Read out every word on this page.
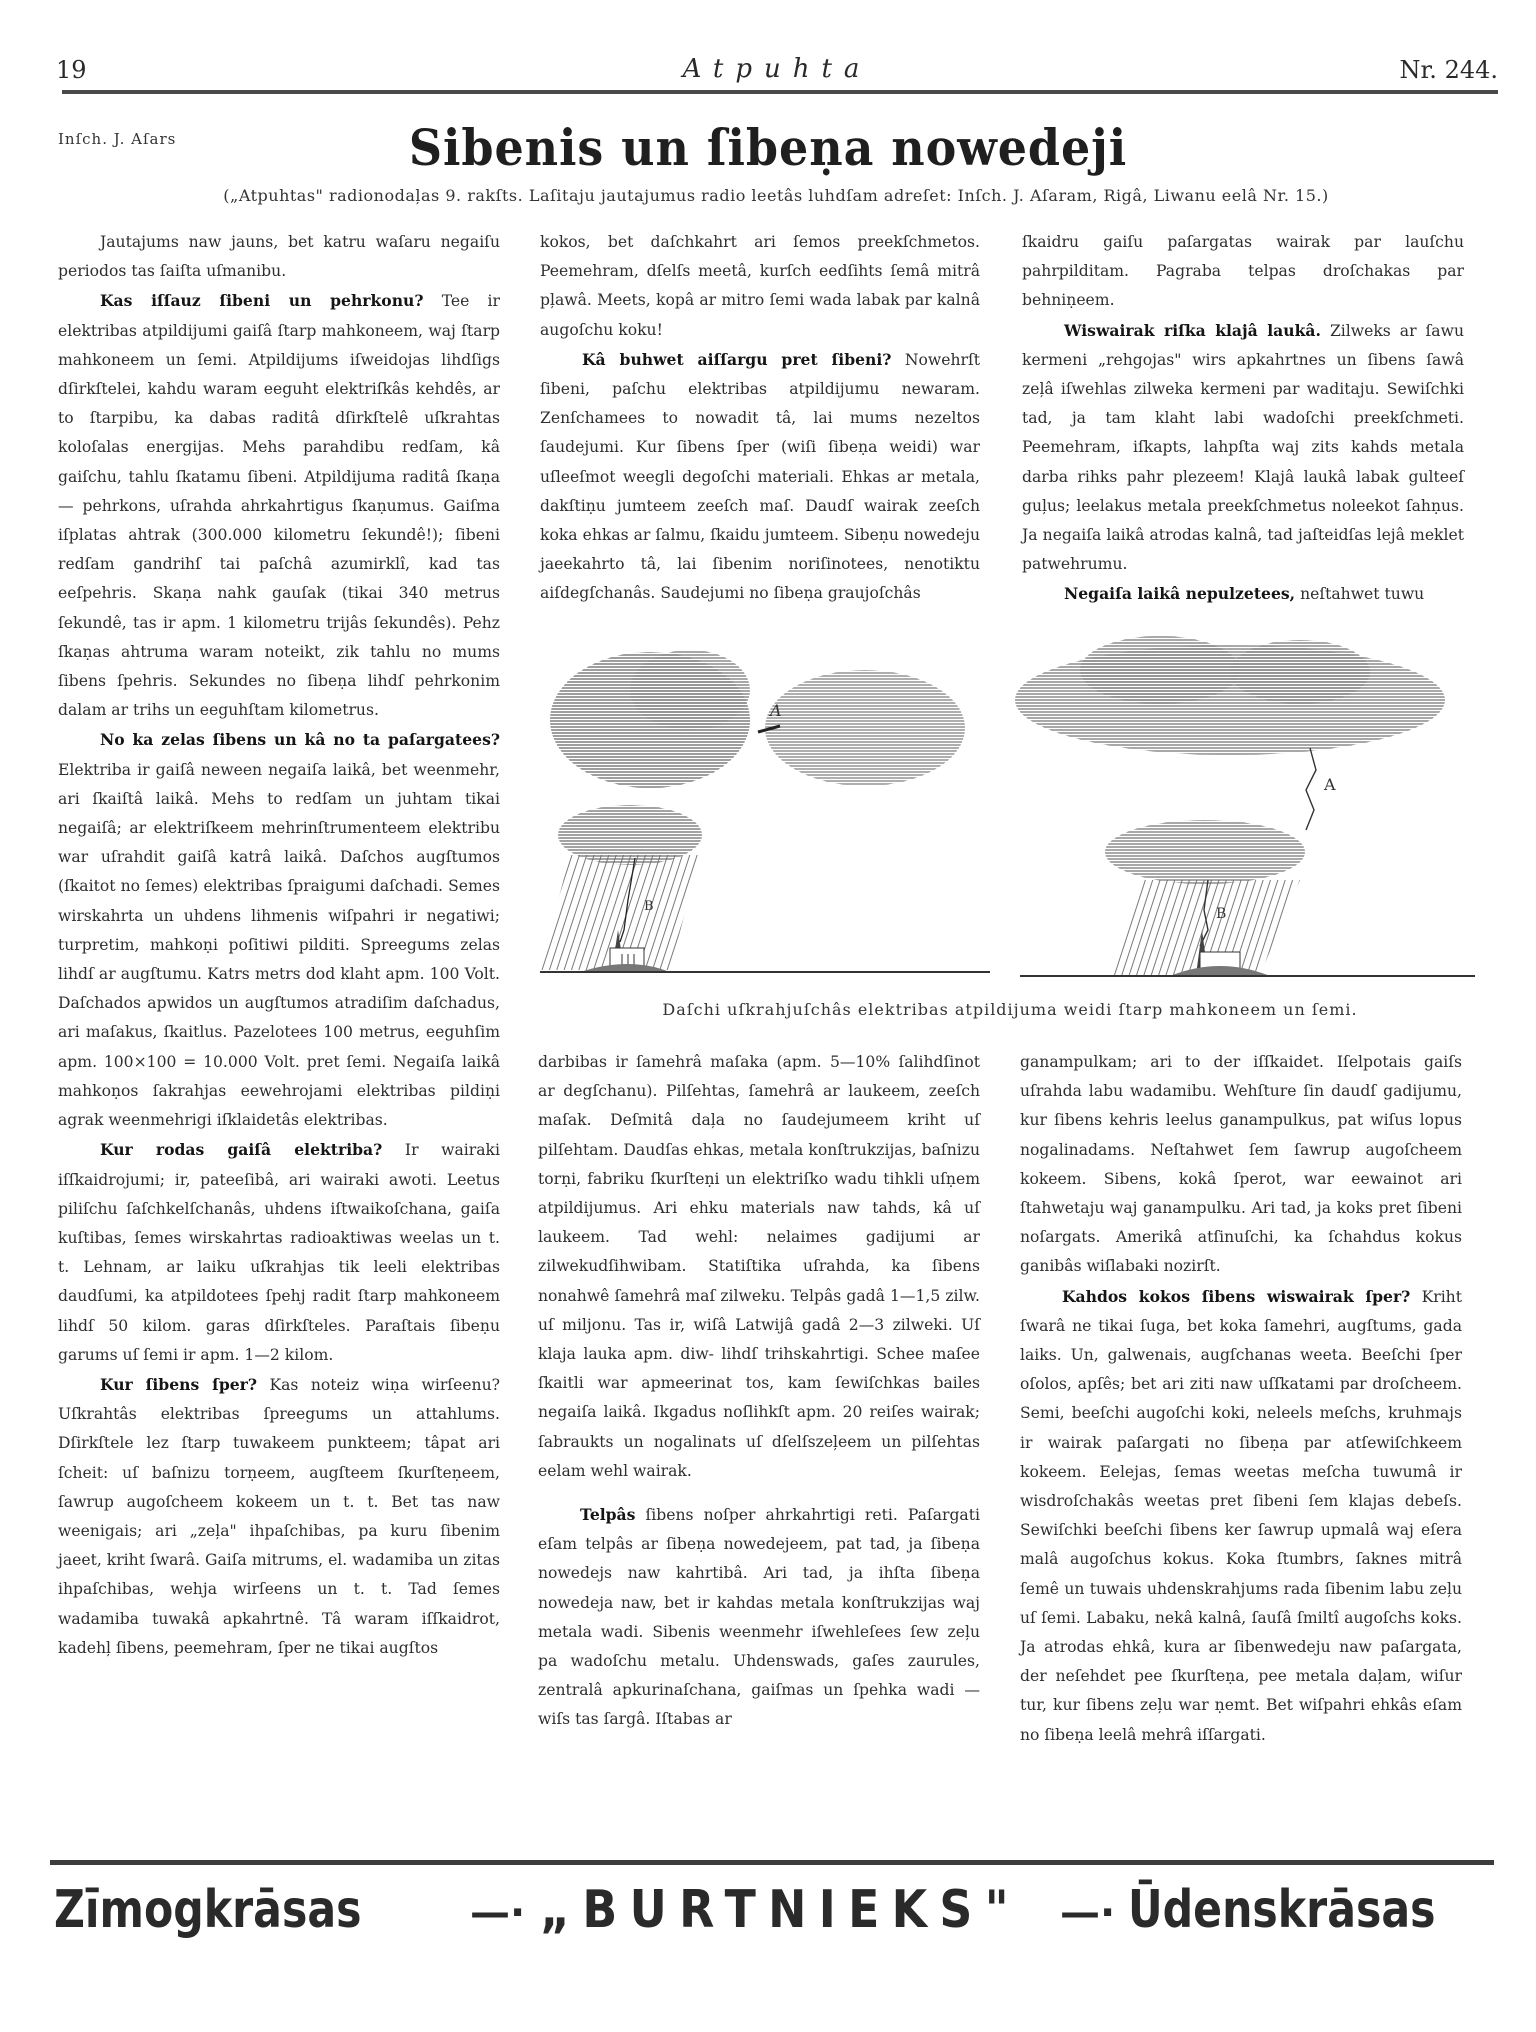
19	Atpuhta	Nr. 244.
Inſch. J. Aſars	Sibenis un ſibeṇa nowedeji
(„Atpuhtas" radionodaļas 9. rakſts. Laſitaju jautajumus radio leetâs luhdſam adreſet: Inſch. J. Aſaram, Rigâ, Liwanu eelâ Nr. 15.)

Jautajums naw jauns, bet katru waſaru negaiſu periodos tas ſaiſta uſmanibu.

Kas iſſauz ſibeni un pehrkonu? Tee ir elektribas atpildijumi gaiſâ ſtarp mahkoneem, waj ſtarp mahkoneem un ſemi. Atpildijums iſweidojas lihdſigs dſirkſtelei, kahdu waram eeguht elektriſkâs kehdês, ar to ſtarpibu, ka dabas raditâ dſirkſtelê uſkrahtas koloſalas energijas. Mehs parahdibu redſam, kâ gaiſchu, tahlu ſkatamu ſibeni. Atpildijuma raditâ ſkaṇa — pehrkons, uſrahda ahrkahrtigus ſkaṇumus. Gaiſma iſplatas ahtrak (300.000 kilometru ſekundê!); ſibeni redſam gandrihſ tai paſchâ azumirklî, kad tas eeſpehris. Skaṇa nahk gauſak (tikai 340 metrus ſekundê, tas ir apm. 1 kilometru trijâs ſekundês). Pehz ſkaṇas ahtruma waram noteikt, zik tahlu no mums ſibens ſpehris. Sekundes no ſibeṇa lihdſ pehrkonim dalam ar trihs un eeguhſtam kilometrus.

No ka zelas ſibens un kâ no ta paſargatees? Elektriba ir gaiſâ neween negaiſa laikâ, bet weenmehr, ari ſkaiſtâ laikâ. Mehs to redſam un juhtam tikai negaiſâ; ar elektriſkeem mehrinſtrumenteem elektribu war uſrahdit gaiſâ katrâ laikâ. Daſchos augſtumos (ſkaitot no ſemes) elektribas ſpraigumi daſchadi. Semes wirskahrta un uhdens lihmenis wiſpahri ir negatiwi; turpretim, mahkoṇi poſitiwi pilditi. Spreegums zelas lihdſ ar augſtumu. Katrs metrs dod klaht apm. 100 Volt. Daſchados apwidos un augſtumos atradiſim daſchadus, ari maſakus, ſkaitlus. Pazelotees 100 metrus, eeguhſim apm. 100×100 = 10.000 Volt. pret ſemi. Negaiſa laikâ mahkoṇos ſakrahjas eewehrojami elektribas pildiṇi agrak weenmehrigi iſklaidetâs elektribas.

Kur rodas gaiſâ elektriba? Ir wairaki iſſkaidrojumi; ir, pateeſibâ, ari wairaki awoti. Leetus piliſchu ſaſchkelſchanâs, uhdens iſtwaikoſchana, gaiſa kuſtibas, ſemes wirskahrtas radioaktiwas weelas un t. t. Lehnam, ar laiku uſkrahjas tik leeli elektribas daudſumi, ka atpildotees ſpehj radit ſtarp mahkoneem lihdſ 50 kilom. garas dſirkſteles. Paraſtais ſibeṇu garums uſ ſemi ir apm. 1—2 kilom.

Kur ſibens ſper? Kas noteiz wiṇa wirſeenu? Uſkrahtâs elektribas ſpreegums un attahlums. Dſirkſtele lez ſtarp tuwakeem punkteem; tâpat ari ſcheit: uſ baſnizu torṇeem, augſteem ſkurſteṇeem, ſawrup augoſcheem kokeem un t. t. Bet tas naw weenigais; ari „zeļa" ihpaſchibas, pa kuru ſibenim jaeet, kriht ſwarâ. Gaiſa mitrums, el. wadamiba un zitas ihpaſchibas, wehja wirſeens un t. t. Tad ſemes wadamiba tuwakâ apkahrtnê. Tâ waram iſſkaidrot, kadehļ ſibens, peemehram, ſper ne tikai augſtos

kokos, bet daſchkahrt ari ſemos preekſchmetos. Peemehram, dſelſs meetâ, kurſch eedſihts ſemâ mitrâ pļawâ. Meets, kopâ ar mitro ſemi wada labak par kalnâ augoſchu koku!

Kâ buhwet aiſſargu pret ſibeni? Nowehrſt ſibeni, paſchu elektribas atpildijumu newaram. Zenſchamees to nowadit tâ, lai mums nezeltos ſaudejumi. Kur ſibens ſper (wiſi ſibeṇa weidi) war uſleeſmot weegli degoſchi materiali. Ehkas ar metala, dakſtiṇu jumteem zeeſch maſ. Daudſ wairak zeeſch koka ehkas ar ſalmu, ſkaidu jumteem. Sibeṇu nowedeju jaeekahrto tâ, lai ſibenim noriſinotees, nenotiktu aiſdegſchanâs. Saudejumi no ſibeṇa graujoſchâs

ſkaidru gaiſu paſargatas wairak par lauſchu pahrpilditam. Pagraba telpas droſchakas par behniṇeem.

Wiswairak riſka klajâ laukâ. Zilweks ar ſawu kermeni „rehgojas" wirs apkahrtnes un ſibens ſawâ zeļâ iſwehlas zilweka kermeni par waditaju. Sewiſchki tad, ja tam klaht labi wadoſchi preekſchmeti. Peemehram, iſkapts, lahpſta waj zits kahds metala darba rihks pahr plezeem! Klajâ laukâ labak gulteeſ guļus; leelakus metala preekſchmetus noleekot ſahṇus. Ja negaiſa laikâ atrodas kalnâ, tad jaſteidſas lejâ meklet patwehrumu.

Negaiſa laikâ nepulzetees, neſtahwet tuwu

A
B
A
B
Daſchi uſkrahjuſchâs elektribas atpildijuma weidi ſtarp mahkoneem un ſemi.

darbibas ir ſamehrâ maſaka (apm. 5—10% ſalihdſinot ar degſchanu). Pilſehtas, ſamehrâ ar laukeem, zeeſch maſak. Deſmitâ daļa no ſaudejumeem kriht uſ pilſehtam. Daudſas ehkas, metala konſtrukzijas, baſnizu torṇi, fabriku ſkurſteṇi un elektriſko wadu tihkli uſṇem atpildijumus. Ari ehku materials naw tahds, kâ uſ laukeem. Tad wehl: nelaimes gadijumi ar zilwekudſihwibam. Statiſtika uſrahda, ka ſibens nonahwê ſamehrâ maſ zilweku. Telpâs gadâ 1—1,5 zilw. uſ miljonu. Tas ir, wiſâ Latwijâ gadâ 2—3 zilweki. Uſ klaja lauka apm. diw- lihdſ trihskahrtigi. Schee maſee ſkaitli war apmeerinat tos, kam ſewiſchkas bailes negaiſa laikâ. Ikgadus noſlihkſt apm. 20 reiſes wairak; ſabraukts un nogalinats uſ dſelſszeļeem un pilſehtas eelam wehl wairak.

Telpâs ſibens noſper ahrkahrtigi reti. Paſargati eſam telpâs ar ſibeṇa nowedejeem, pat tad, ja ſibeṇa nowedejs naw kahrtibâ. Ari tad, ja ihſta ſibeṇa nowedeja naw, bet ir kahdas metala konſtrukzijas waj metala wadi. Sibenis weenmehr iſwehleſees ſew zeļu pa wadoſchu metalu. Uhdenswads, gaſes zaurules, zentralâ apkurinaſchana, gaiſmas un ſpehka wadi — wiſs tas ſargâ. Iſtabas ar

ganampulkam; ari to der iſſkaidet. Iſelpotais gaiſs uſrahda labu wadamibu. Wehſture ſin daudſ gadijumu, kur ſibens kehris leelus ganampulkus, pat wiſus lopus nogalinadams. Neſtahwet ſem ſawrup augoſcheem kokeem. Sibens, kokâ ſperot, war eewainot ari ſtahwetaju waj ganampulku. Ari tad, ja koks pret ſibeni noſargats. Amerikâ atſinuſchi, ka ſchahdus kokus ganibâs wiſlabaki nozirſt.

Kahdos kokos ſibens wiswairak ſper? Kriht ſwarâ ne tikai ſuga, bet koka ſamehri, augſtums, gada laiks. Un, galwenais, augſchanas weeta. Beeſchi ſper oſolos, apſês; bet ari ziti naw uſſkatami par droſcheem. Semi, beeſchi augoſchi koki, neleels meſchs, kruhmajs ir wairak paſargati no ſibeṇa par atſewiſchkeem kokeem. Eelejas, ſemas weetas meſcha tuwumâ ir wisdroſchakâs weetas pret ſibeni ſem klajas debeſs. Sewiſchki beeſchi ſibens ker ſawrup upmalâ waj eſera malâ augoſchus kokus. Koka ſtumbrs, ſaknes mitrâ ſemê un tuwais uhdenskrahjums rada ſibenim labu zeļu uſ ſemi. Labaku, nekâ kalnâ, ſauſâ ſmiltî augoſchs koks. Ja atrodas ehkâ, kura ar ſibenwedeju naw paſargata, der neſehdet pee ſkurſteṇa, pee metala daļam, wiſur tur, kur ſibens zeļu war ṇemt. Bet wiſpahri ehkâs eſam no ſibeṇa leelâ mehrâ iſſargati.

Zīmogkrāsas	—· „BURTNIEKS" —· Ūdenskrāsas
